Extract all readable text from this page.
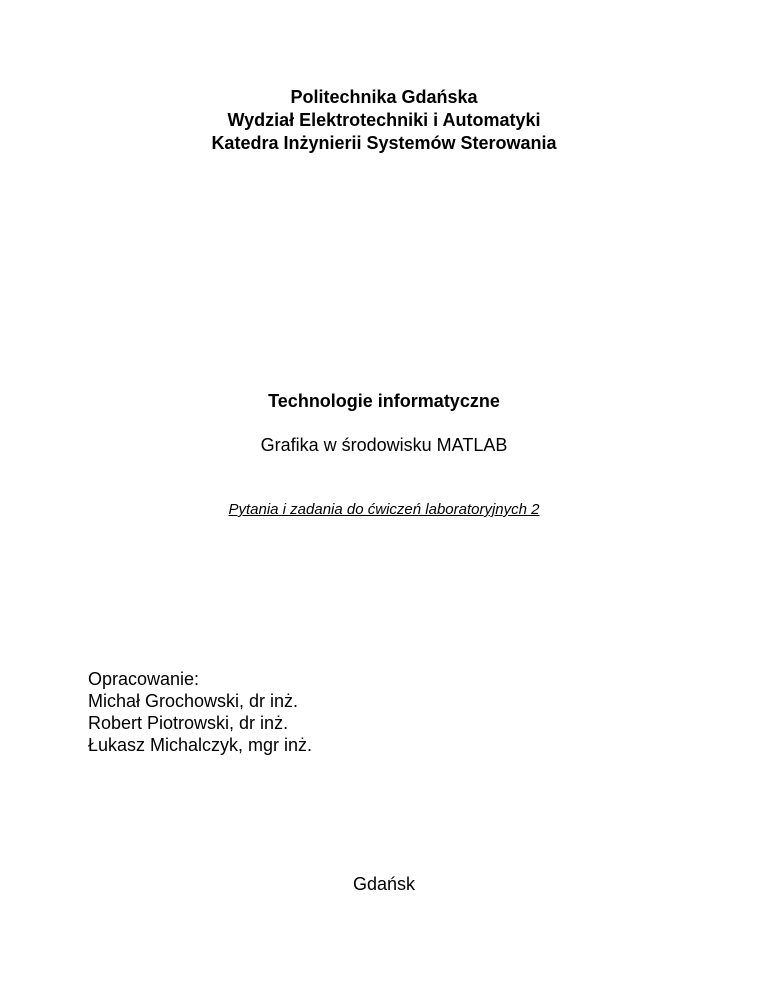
Politechnika Gdańska
Wydział Elektrotechniki i Automatyki
Katedra Inżynierii Systemów Sterowania
Technologie informatyczne
Grafika w środowisku MATLAB
Pytania i zadania do ćwiczeń laboratoryjnych 2
Opracowanie:
Michał Grochowski, dr inż.
Robert Piotrowski, dr inż.
Łukasz Michalczyk, mgr inż.
Gdańsk
